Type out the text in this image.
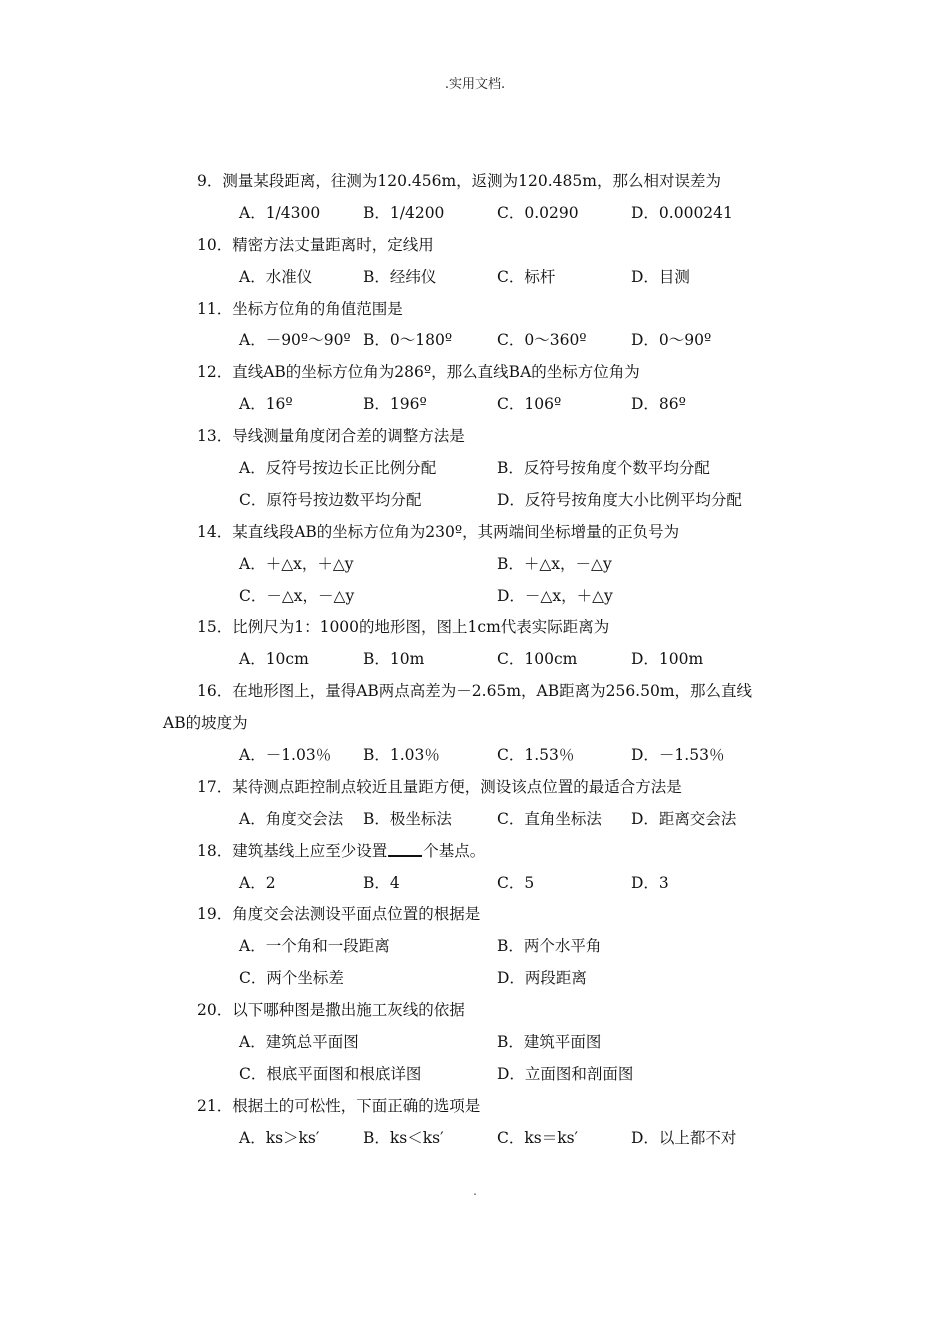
.实用文档.
9．测量某段距离，往测为120.456m，返测为120.485m，那么相对误差为
A．1/4300	B．1/4200	C．0.0290	D．0.000241
10．精密方法丈量距离时，定线用
A．水准仪	B．经纬仪	C．标杆	D．目测
11．坐标方位角的角值范围是
A．－90º～90º B．0～180º	C．0～360º	D．0～90º
12．直线AB的坐标方位角为286º，那么直线BA的坐标方位角为
A．16º	B．196º	C．106º	D．86º
13．导线测量角度闭合差的调整方法是
A．反符号按边长正比例分配	B．反符号按角度个数平均分配
C．原符号按边数平均分配	D．反符号按角度大小比例平均分配
14．某直线段AB的坐标方位角为230º，其两端间坐标增量的正负号为
A．＋△x，＋△y	B．＋△x，－△y
C．－△x，－△y	D．－△x，＋△y
15．比例尺为1：1000的地形图，图上1cm代表实际距离为
A．10cm	B．10m	C．100cm	D．100m
16．在地形图上，量得AB两点高差为－2.65m，AB距离为256.50m，那么直线
AB的坡度为
A．－1.03％ B．1.03％	C．1.53％	D．－1.53％
17．某待测点距控制点较近且量距方便，测设该点位置的最适合方法是
A．角度交会法 B．极坐标法	C．直角坐标法 D．距离交会法
18．建筑基线上应至少设置 个基点。
A．2	B．4	C．5	D．3
19．角度交会法测设平面点位置的根据是
A．一个角和一段距离	B．两个水平角
C．两个坐标差	D．两段距离
20．以下哪种图是撒出施工灰线的依据
A．建筑总平面图	B．建筑平面图
C．根底平面图和根底详图	D．立面图和剖面图
21．根据土的可松性，下面正确的选项是
A．ks＞ks′	B．ks＜ks′	C．ks＝ks′	D．以上都不对
.
